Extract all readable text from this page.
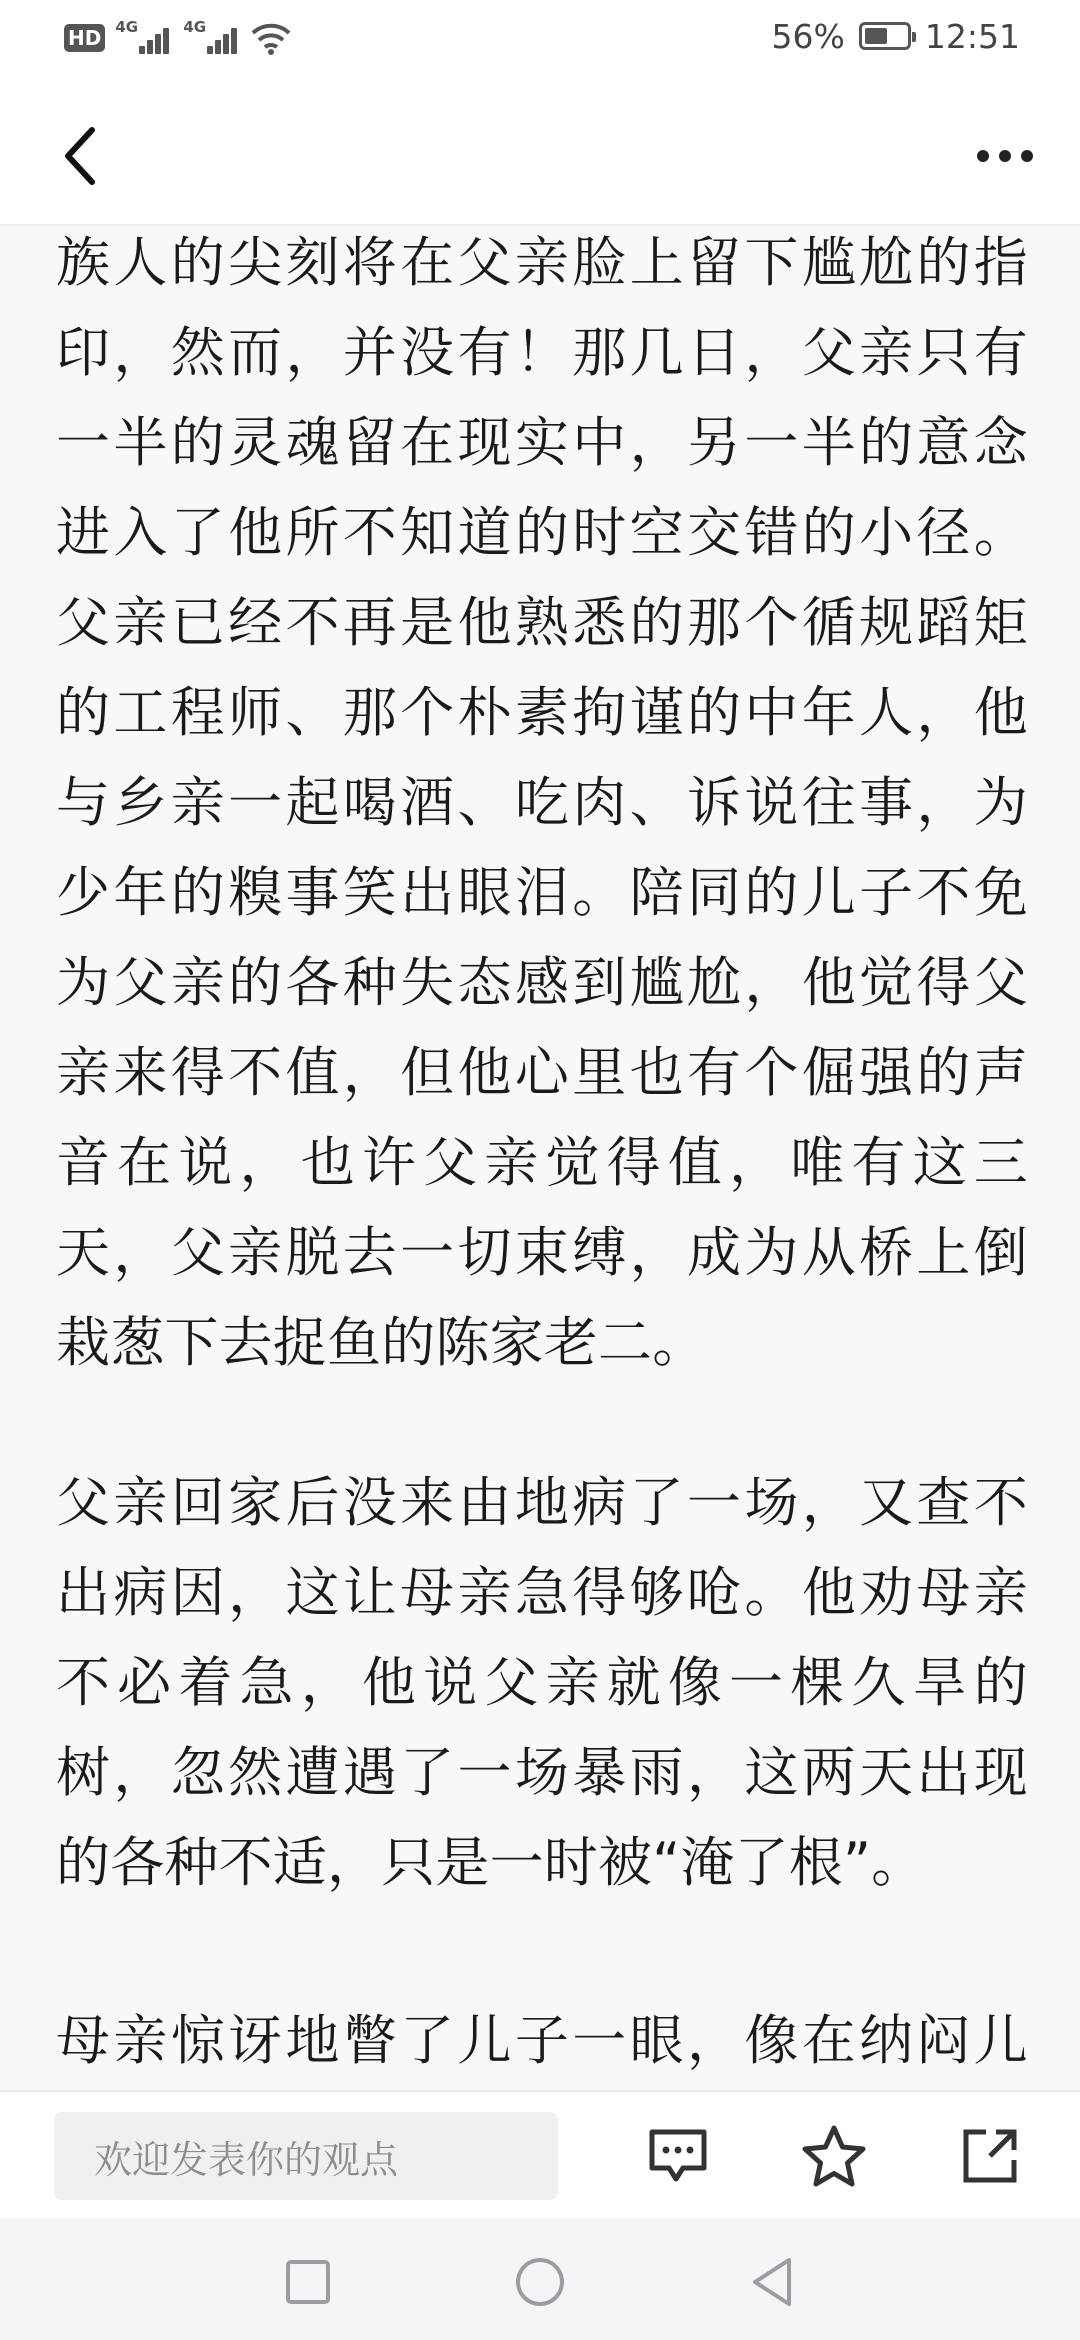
HD 4G	4G	56% 12:51

族人的尖刻将在父亲脸上留下尴尬的指印，然而，并没有！那几日，父亲只有一半的灵魂留在现实中，另一半的意念进入了他所不知道的时空交错的小径。父亲已经不再是他熟悉的那个循规蹈矩的工程师、那个朴素拘谨的中年人，他与乡亲一起喝酒、吃肉、诉说往事，为少年的糗事笑出眼泪。陪同的儿子不免为父亲的各种失态感到尴尬，他觉得父亲来得不值，但他心里也有个倔强的声音在说，也许父亲觉得值，唯有这三天，父亲脱去一切束缚，成为从桥上倒栽葱下去捉鱼的陈家老二。

父亲回家后没来由地病了一场，又查不出病因，这让母亲急得够呛。他劝母亲不必着急，他说父亲就像一棵久旱的树，忽然遭遇了一场暴雨，这两天出现的各种不适，只是一时被“淹了根”。

母亲惊讶地瞥了儿子一眼，像在纳闷儿

欢迎发表你的观点
